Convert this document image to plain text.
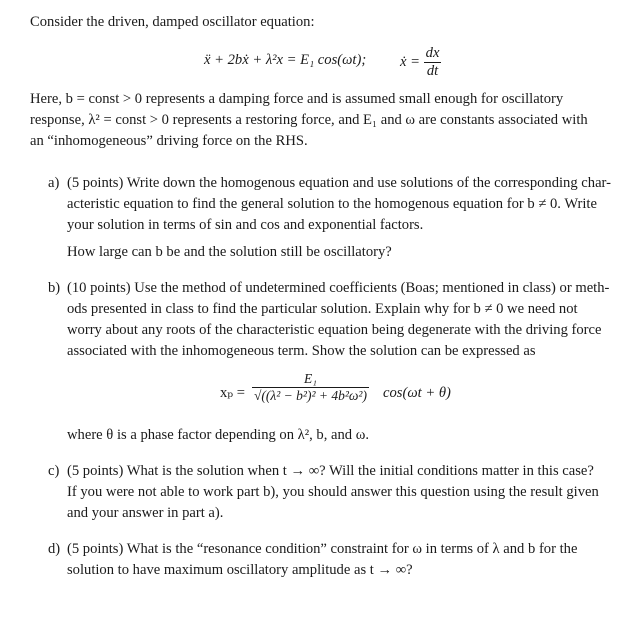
Consider the driven, damped oscillator equation:
ẍ + 2bẋ + λ²x = E₁ cos(ωt); ẋ = $\frac{dx}{dt}$
Here, b = const > 0 represents a damping force and is assumed small enough for oscillatory
response, λ² = const > 0 represents a restoring force, and E₁ and ω are constants associated with
an “inhomogeneous” driving force on the RHS.
a) (5 points) Write down the homogenous equation and use solutions of the corresponding char-
acteristic equation to find the general solution to the homogenous equation for b ≠ 0. Write
your solution in terms of sin and cos and exponential factors.
How large can b be and the solution still be oscillatory?
b) (10 points) Use the method of undetermined coefficients (Boas; mentioned in class) or meth-
ods presented in class to find the particular solution. Explain why for b ≠ 0 we need not
worry about any roots of the characteristic equation being degenerate with the driving force
associated with the inhomogeneous term. Show the solution can be expressed as
$x_p = \frac{\text{E₁}}{\text{√((λ² − b²)² + 4b²ω²)}} \cos(\omega t + \theta)$
where θ is a phase factor depending on λ², b, and ω.
c) (5 points) What is the solution when t → ∞? Will the initial conditions matter in this case?
If you were not able to work part b), you should answer this question using the result given
and your answer in part a).
d) (5 points) What is the “resonance condition” constraint for ω in terms of λ and b for the
solution to have maximum oscillatory amplitude as t → ∞?
